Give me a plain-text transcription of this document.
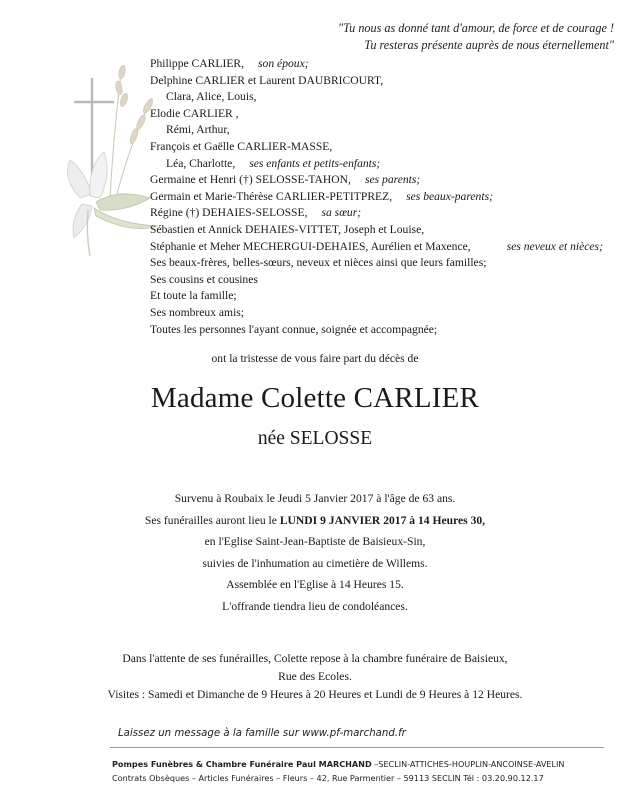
"Tu nous as donné tant d'amour, de force et de courage !
Tu resteras présente auprès de nous éternellement"
Philippe CARLIER, son époux;
Delphine CARLIER et Laurent DAUBRICOURT,
Clara, Alice, Louis,
Elodie CARLIER ,
Rémi, Arthur,
François et Gaëlle CARLIER-MASSE,
Léa, Charlotte, ses enfants et petits-enfants;
Germaine et Henri (†) SELOSSE-TAHON, ses parents;
Germain et Marie-Thérèse CARLIER-PETITPREZ, ses beaux-parents;
Régine (†) DEHAIES-SELOSSE, sa sœur;
Sébastien et Annick DEHAIES-VITTET, Joseph et Louise,
Stéphanie et Meher MECHERGUI-DEHAIES, Aurélien et Maxence,	ses neveux et nièces;
Ses beaux-frères, belles-sœurs, neveux et nièces ainsi que leurs familles;
Ses cousins et cousines
Et toute la famille;
Ses nombreux amis;
Toutes les personnes l'ayant connue, soignée et accompagnée;
ont la tristesse de vous faire part du décès de
Madame Colette CARLIER
née SELOSSE
Survenu à Roubaix le Jeudi 5 Janvier 2017 à l'âge de 63 ans.
Ses funérailles auront lieu le LUNDI 9 JANVIER 2017 à 14 Heures 30,
en l'Eglise Saint-Jean-Baptiste de Baisieux-Sin,
suivies de l'inhumation au cimetière de Willems.
Assemblée en l'Eglise à 14 Heures 15.
L'offrande tiendra lieu de condoléances.
Dans l'attente de ses funérailles, Colette repose à la chambre funéraire de Baisieux,
Rue des Ecoles.
Visites : Samedi et Dimanche de 9 Heures à 20 Heures et Lundi de 9 Heures à 12 Heures.
Laissez un message à la famille sur www.pf-marchand.fr
Pompes Funèbres & Chambre Funéraire Paul MARCHAND –SECLIN-ATTICHES-HOUPLIN-ANCOINSE-AVELIN
Contrats Obsèques – Articles Funéraires – Fleurs – 42, Rue Parmentier – 59113 SECLIN Tél : 03.20.90.12.17
